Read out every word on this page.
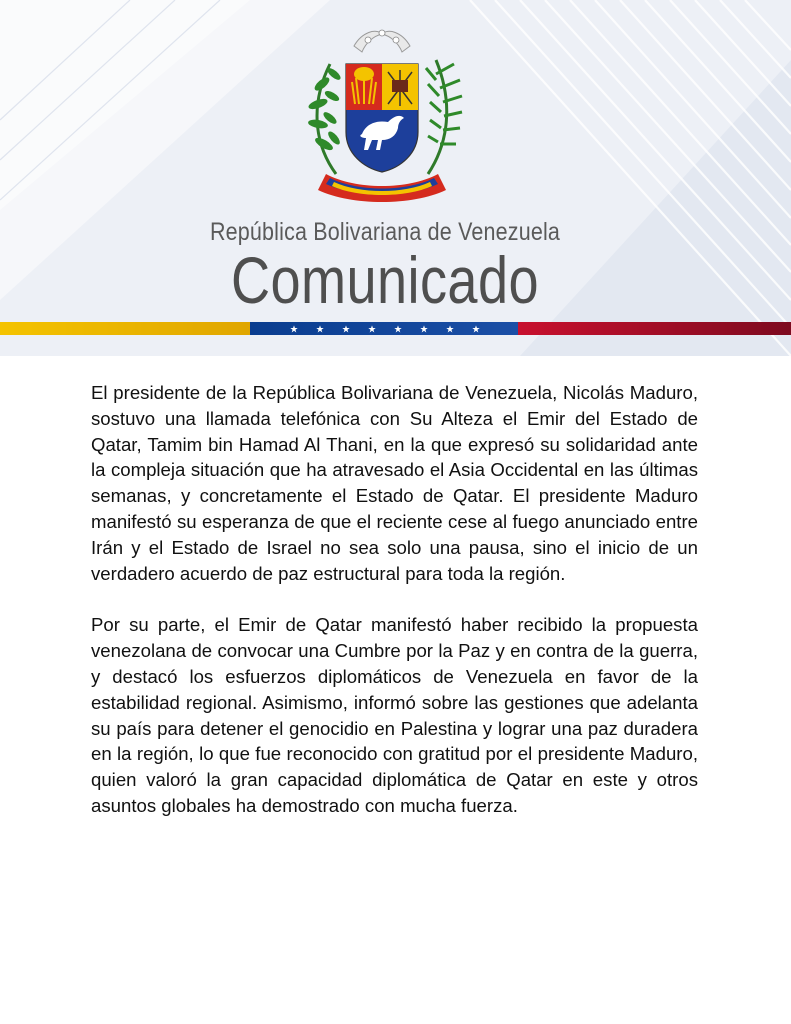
República Bolivariana de Venezuela
Comunicado

El presidente de la República Bolivariana de Venezuela, Nicolás Maduro, sostuvo una llamada telefónica con Su Alteza el Emir del Estado de Qatar, Tamim bin Hamad Al Thani, en la que expresó su solidaridad ante la compleja situación que ha atravesado el Asia Occidental en las últimas semanas, y concretamente el Estado de Qatar. El presidente Maduro manifestó su esperanza de que el reciente cese al fuego anunciado entre Irán y el Estado de Israel no sea solo una pausa, sino el inicio de un verdadero acuerdo de paz estructural para toda la región.

Por su parte, el Emir de Qatar manifestó haber recibido la propuesta venezolana de convocar una Cumbre por la Paz y en contra de la guerra, y destacó los esfuerzos diplomáticos de Venezuela en favor de la estabilidad regional. Asimismo, informó sobre las gestiones que adelanta su país para detener el genocidio en Palestina y lograr una paz duradera en la región, lo que fue reconocido con gratitud por el presidente Maduro, quien valoró la gran capacidad diplomática de Qatar en este y otros asuntos globales ha demostrado con mucha fuerza.
